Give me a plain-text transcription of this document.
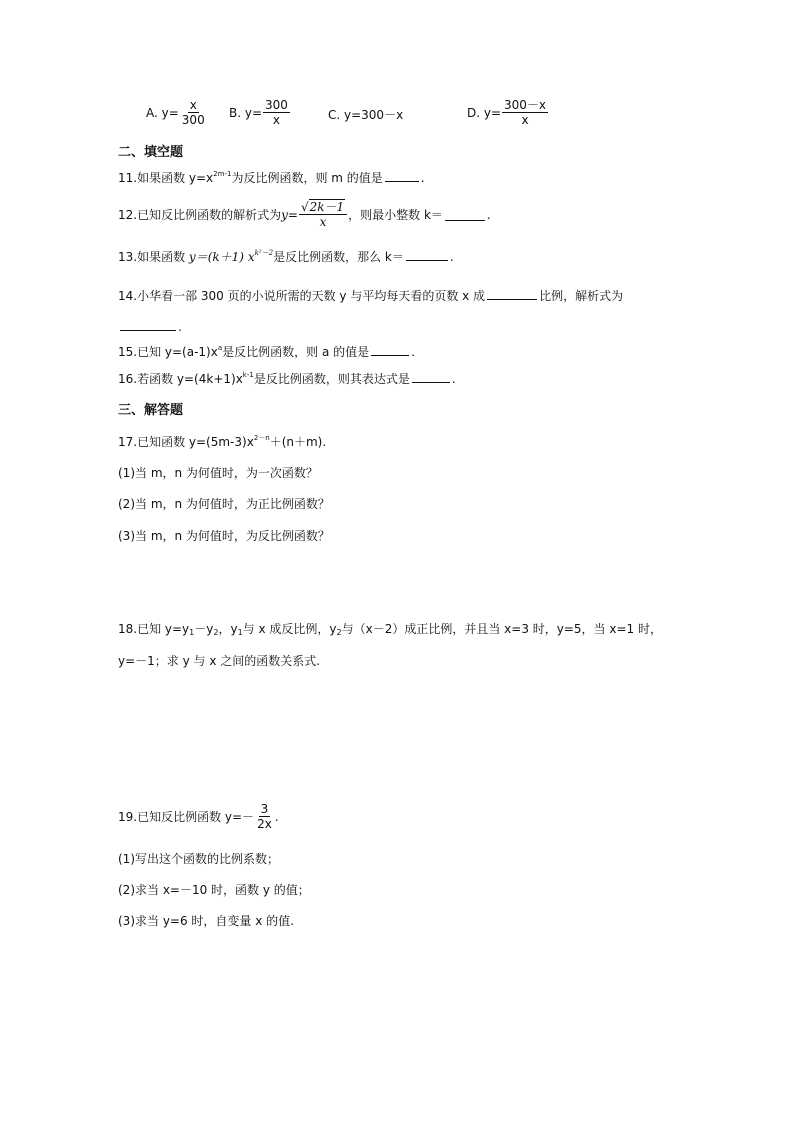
A. $y= \frac{x}{300} B$. $y= \frac{300}{x}$	C. y=300－x	D. $y= \frac{300-x}{x}$
二、填空题
11.如果函数 $y=x^{2m-1}$为反比例函数，则 m 的值是	.
12.已知反比例函数的解析式为 $y = \frac{√2k-1}{x}$ ，则最小整数 k＝	.
13.如果函数 y＝(k＋1) $x^{k^2-2}$是反比例函数，那么 k＝	.
14.小华看一部 300 页的小说所需的天数 y 与平均每天看的页数 x 成	比例，解析式为
.
15.已知 $y=(a-1)x^a$是反比例函数，则 a 的值是	.
16.若函数 $y=(4k+1)x^{k-1}$是反比例函数，则其表达式是	.
三、解答题
17.已知函数 $y=(5m-3)x^{2-n}+(n+m)$.
(1)当 m，n 为何值时，为一次函数？
(2)当 m，n 为何值时，为正比例函数？
(3)当 m，n 为何值时，为反比例函数？
18.已知 $y=y_1-y_2$，$y_1$与 x 成反比例，$y_2$与（x－2）成正比例，并且当 x=3 时，y=5，当 x=1 时，
y=－1；求 y 与 x 之间的函数关系式.
19.已知反比例函数 $y=- \frac{3}{2x}$ .
(1)写出这个函数的比例系数；
(2)求当 x=－10 时，函数 y 的值；
(3)求当 y=6 时，自变量 x 的值.
